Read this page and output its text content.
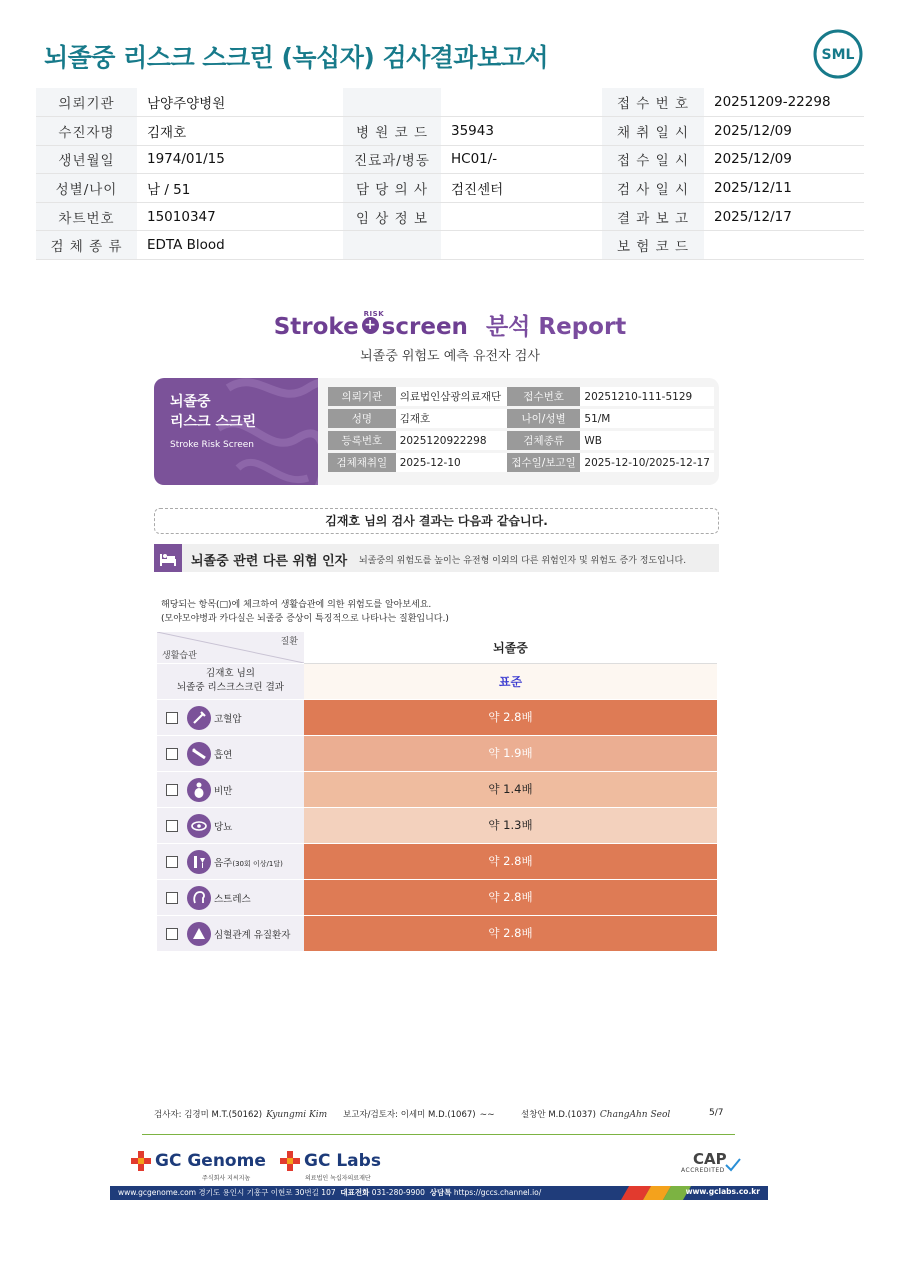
뇌졸중 리스크 스크린 (녹십자) 검사결과보고서	SML
의뢰기관	남양주양병원			접 수 번 호	20251209-22298
수진자명	김재호	병 원 코 드	35943	채 취 일 시	2025/12/09
생년월일	1974/01/15	진료과/병동	HC01/-	접 수 일 시	2025/12/09
성별/나이	남 / 51	담 당 의 사	검진센터	검 사 일 시	2025/12/11
차트번호	15010347	임 상 정 보		결 과 보 고	2025/12/17
검 체 종 류	EDTA Blood			보 험 코 드	
Stroke +
RISK
screen 분석 Report
뇌졸중 위험도 예측 유전자 검사
뇌졸중
리스크 스크린
Stroke Risk Screen
의뢰기관	의료법인삼광의료재단	접수번호	20251210-111-5129
성명	김재호	나이/성별	51/M
등록번호	2025120922298	검체종류	WB
검체채취일	2025-12-10	접수일/보고일	2025-12-10/2025-12-17
김재호 님의 검사 결과는 다음과 같습니다.
뇌졸중 관련 다른 위험 인자 뇌졸중의 위험도를 높이는 유전형 이외의 다른 위험인자 및 위험도 증가 정도입니다.
해당되는 항목(□)에 체크하여 생활습관에 의한 위험도를 알아보세요.
(모야모야병과 카다실은 뇌졸중 증상이 특징적으로 나타나는 질환입니다.)
질환
생활습관	뇌졸중

김재호 님의
뇌졸중 리스크스크린 결과	표준

고혈압	약 2.8배

흡연	약 1.9배

비만	약 1.4배

당뇨	약 1.3배

음주(30회 이상/1달)	약 2.8배

스트레스	약 2.8배

심혈관계 유질환자	약 2.8배
검사자: 김경미 M.T.(50162) Kyungmi Kim 보고자/검토자: 이세미 M.D.(1067) ~~	설창안 M.D.(1037) ChangAhn Seol	5/7
GC Genome
주식회사 지씨지놈
GC Labs
의료법인 녹십자의료재단
CAP
ACCREDITED
www.gcgenome.com 경기도 용인시 기흥구 이현로 30번길 107 대표전화 031-280-9900 상담톡 https://gccs.channel.io/	www.gclabs.co.kr
